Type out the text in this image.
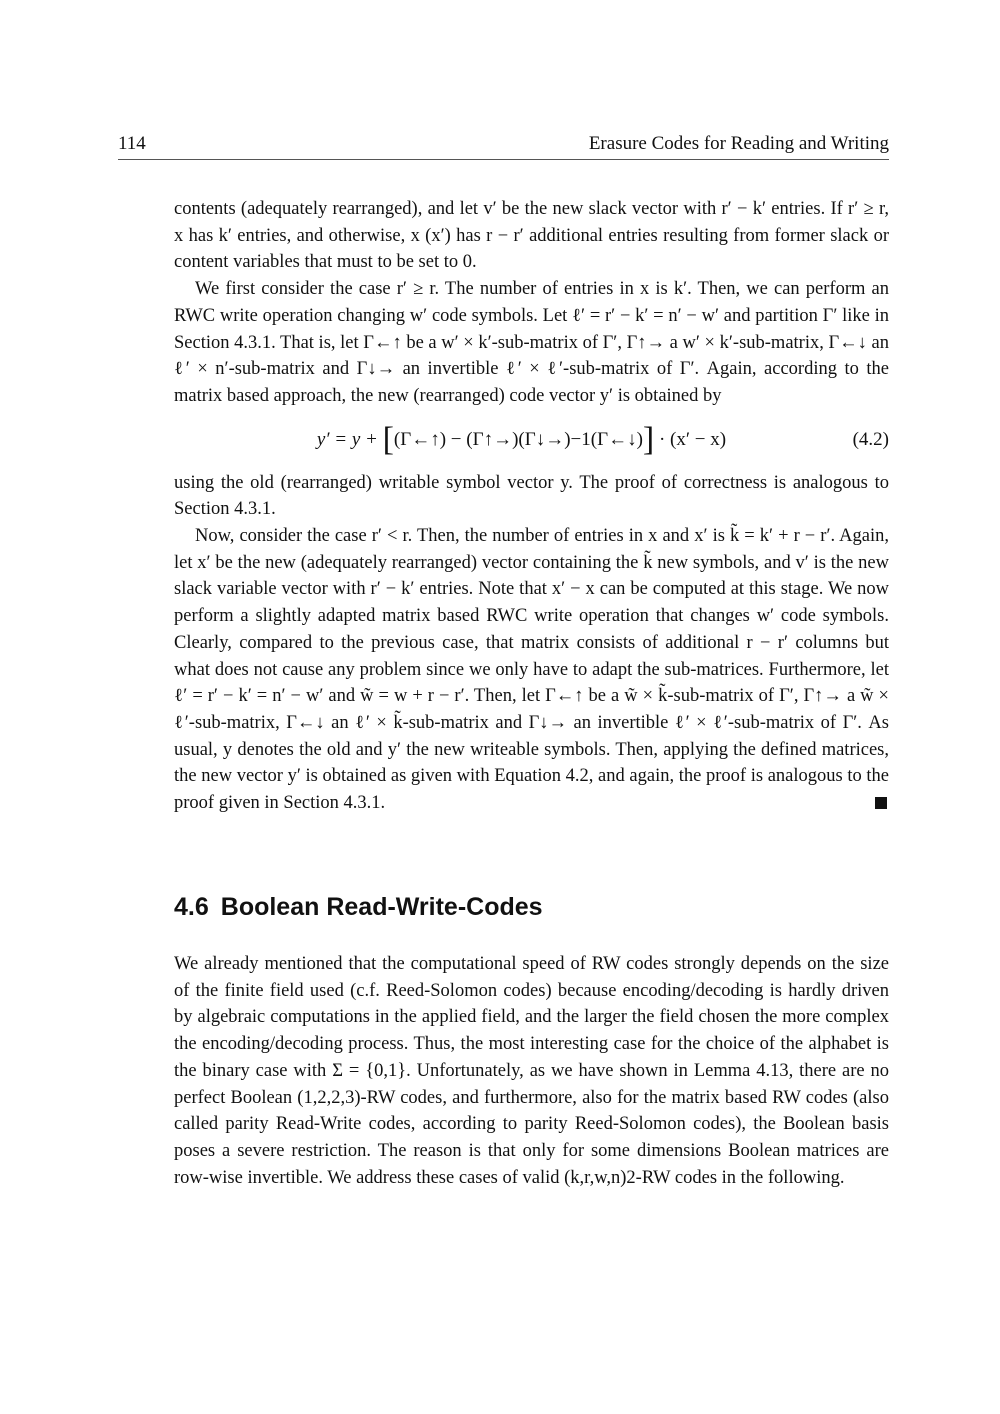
114	Erasure Codes for Reading and Writing

contents (adequately rearranged), and let v′ be the new slack vector with r′ − k′ entries. If r′ ≥ r, x has k′ entries, and otherwise, x (x′) has r − r′ additional entries resulting from former slack or content variables that must to be set to 0.

We first consider the case r′ ≥ r. The number of entries in x is k′. Then, we can perform an RWC write operation changing w′ code symbols. Let ℓ′ = r′ − k′ = n′ − w′ and partition Γ′ like in Section 4.3.1. That is, let Γ←↑ be a w′ × k′-sub-matrix of Γ′, Γ↑→ a w′ × k′-sub-matrix, Γ←↓ an ℓ′ × n′-sub-matrix and Γ↓→ an invertible ℓ′ × ℓ′-sub-matrix of Γ′. Again, according to the matrix based approach, the new (rearranged) code vector y′ is obtained by

y′ = y + [(Γ←↑) − (Γ↑→)(Γ↓→)−1(Γ←↓)] · (x′ − x)	(4.2)

using the old (rearranged) writable symbol vector y. The proof of correctness is analogous to Section 4.3.1.

Now, consider the case r′ < r. Then, the number of entries in x and x′ is k̃ = k′ + r − r′. Again, let x′ be the new (adequately rearranged) vector containing the k̃ new symbols, and v′ is the new slack variable vector with r′ − k′ entries. Note that x′ − x can be computed at this stage. We now perform a slightly adapted matrix based RWC write operation that changes w′ code symbols. Clearly, compared to the previous case, that matrix consists of additional r − r′ columns but what does not cause any problem since we only have to adapt the sub-matrices. Furthermore, let ℓ′ = r′ − k′ = n′ − w′ and w̃ = w + r − r′. Then, let Γ←↑ be a w̃ × k̃-sub-matrix of Γ′, Γ↑→ a w̃ × ℓ′-sub-matrix, Γ←↓ an ℓ′ × k̃-sub-matrix and Γ↓→ an invertible ℓ′ × ℓ′-sub-matrix of Γ′. As usual, y denotes the old and y′ the new writeable symbols. Then, applying the defined matrices, the new vector y′ is obtained as given with Equation 4.2, and again, the proof is analogous to the proof given in Section 4.3.1.

4.6 Boolean Read-Write-Codes

We already mentioned that the computational speed of RW codes strongly depends on the size of the finite field used (c.f. Reed-Solomon codes) because encoding/decoding is hardly driven by algebraic computations in the applied field, and the larger the field chosen the more complex the encoding/decoding process. Thus, the most interesting case for the choice of the alphabet is the binary case with Σ = {0,1}. Unfortunately, as we have shown in Lemma 4.13, there are no perfect Boolean (1,2,2,3)-RW codes, and furthermore, also for the matrix based RW codes (also called parity Read-Write codes, according to parity Reed-Solomon codes), the Boolean basis poses a severe restriction. The reason is that only for some dimensions Boolean matrices are row-wise invertible. We address these cases of valid (k,r,w,n)2-RW codes in the following.
